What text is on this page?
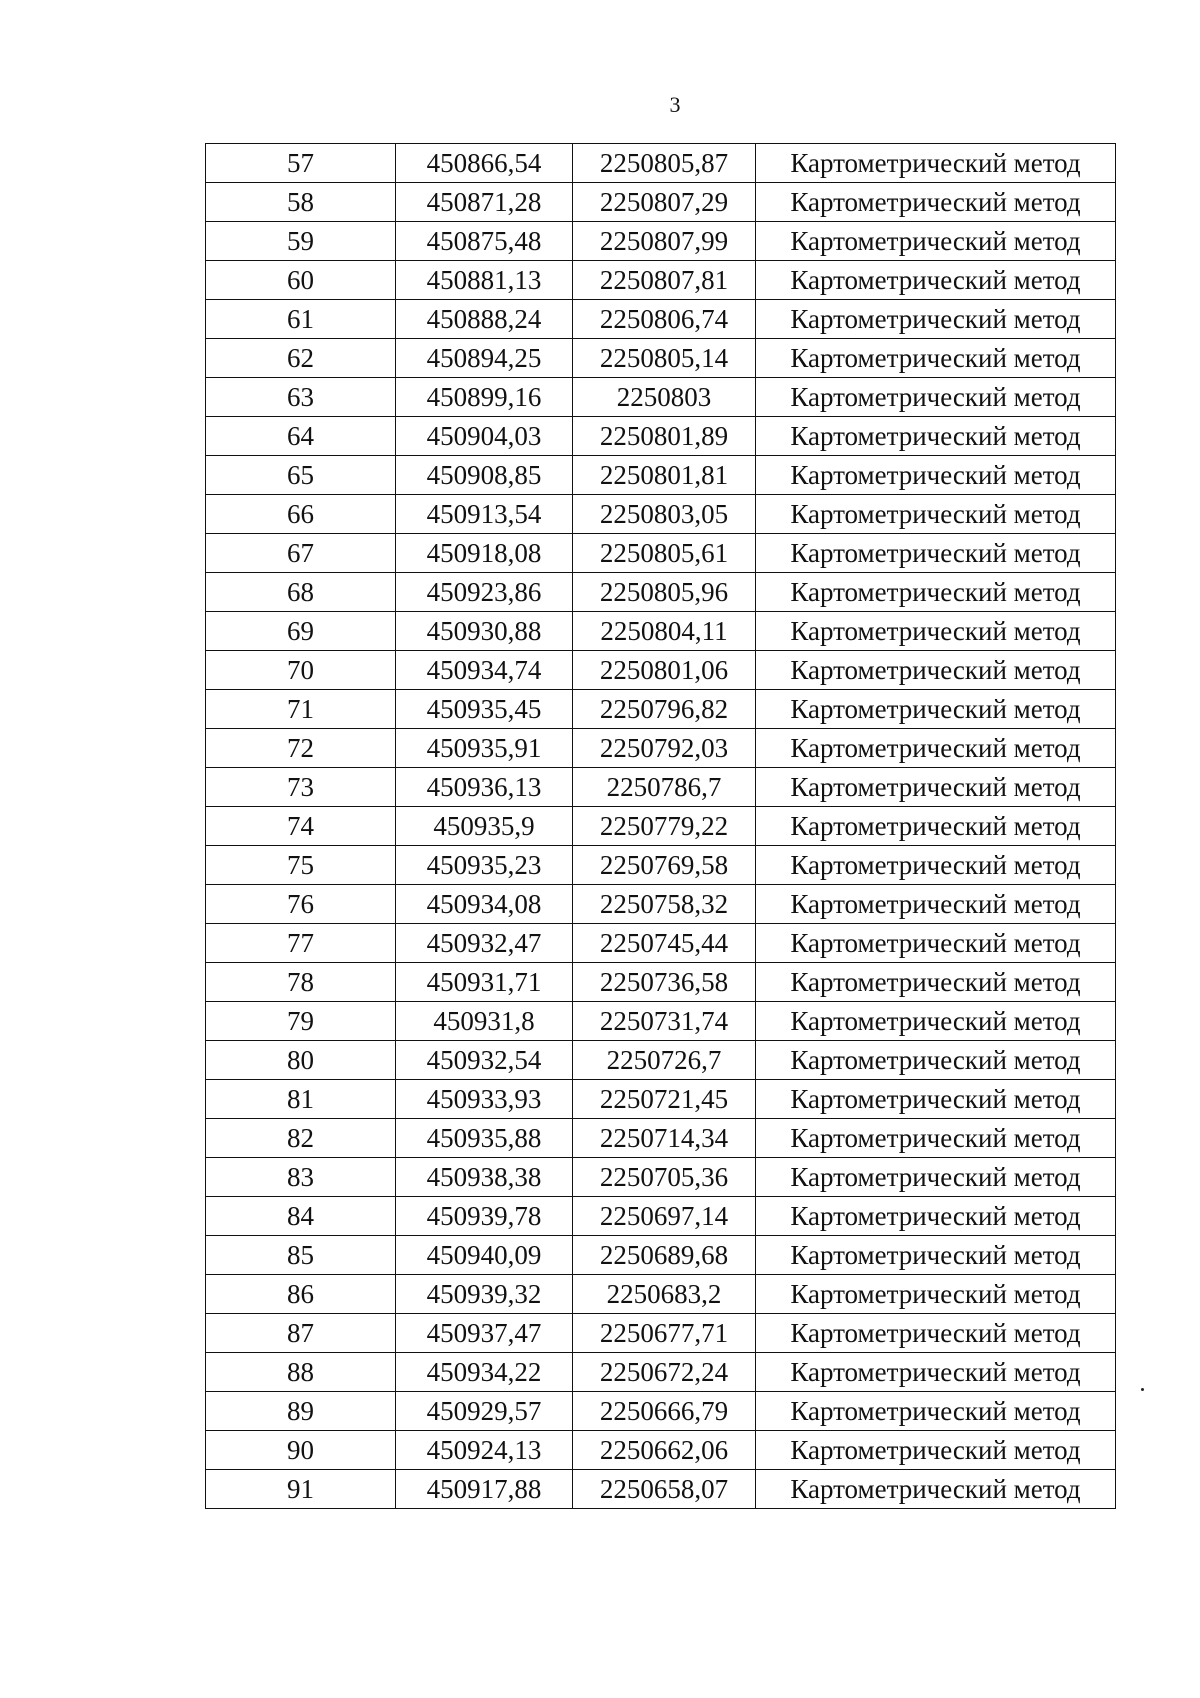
3
57	450866,54	2250805,87	Картометрический метод
58	450871,28	2250807,29	Картометрический метод
59	450875,48	2250807,99	Картометрический метод
60	450881,13	2250807,81	Картометрический метод
61	450888,24	2250806,74	Картометрический метод
62	450894,25	2250805,14	Картометрический метод
63	450899,16	2250803	Картометрический метод
64	450904,03	2250801,89	Картометрический метод
65	450908,85	2250801,81	Картометрический метод
66	450913,54	2250803,05	Картометрический метод
67	450918,08	2250805,61	Картометрический метод
68	450923,86	2250805,96	Картометрический метод
69	450930,88	2250804,11	Картометрический метод
70	450934,74	2250801,06	Картометрический метод
71	450935,45	2250796,82	Картометрический метод
72	450935,91	2250792,03	Картометрический метод
73	450936,13	2250786,7	Картометрический метод
74	450935,9	2250779,22	Картометрический метод
75	450935,23	2250769,58	Картометрический метод
76	450934,08	2250758,32	Картометрический метод
77	450932,47	2250745,44	Картометрический метод
78	450931,71	2250736,58	Картометрический метод
79	450931,8	2250731,74	Картометрический метод
80	450932,54	2250726,7	Картометрический метод
81	450933,93	2250721,45	Картометрический метод
82	450935,88	2250714,34	Картометрический метод
83	450938,38	2250705,36	Картометрический метод
84	450939,78	2250697,14	Картометрический метод
85	450940,09	2250689,68	Картометрический метод
86	450939,32	2250683,2	Картометрический метод
87	450937,47	2250677,71	Картометрический метод
88	450934,22	2250672,24	Картометрический метод
89	450929,57	2250666,79	Картометрический метод
90	450924,13	2250662,06	Картометрический метод
91	450917,88	2250658,07	Картометрический метод
